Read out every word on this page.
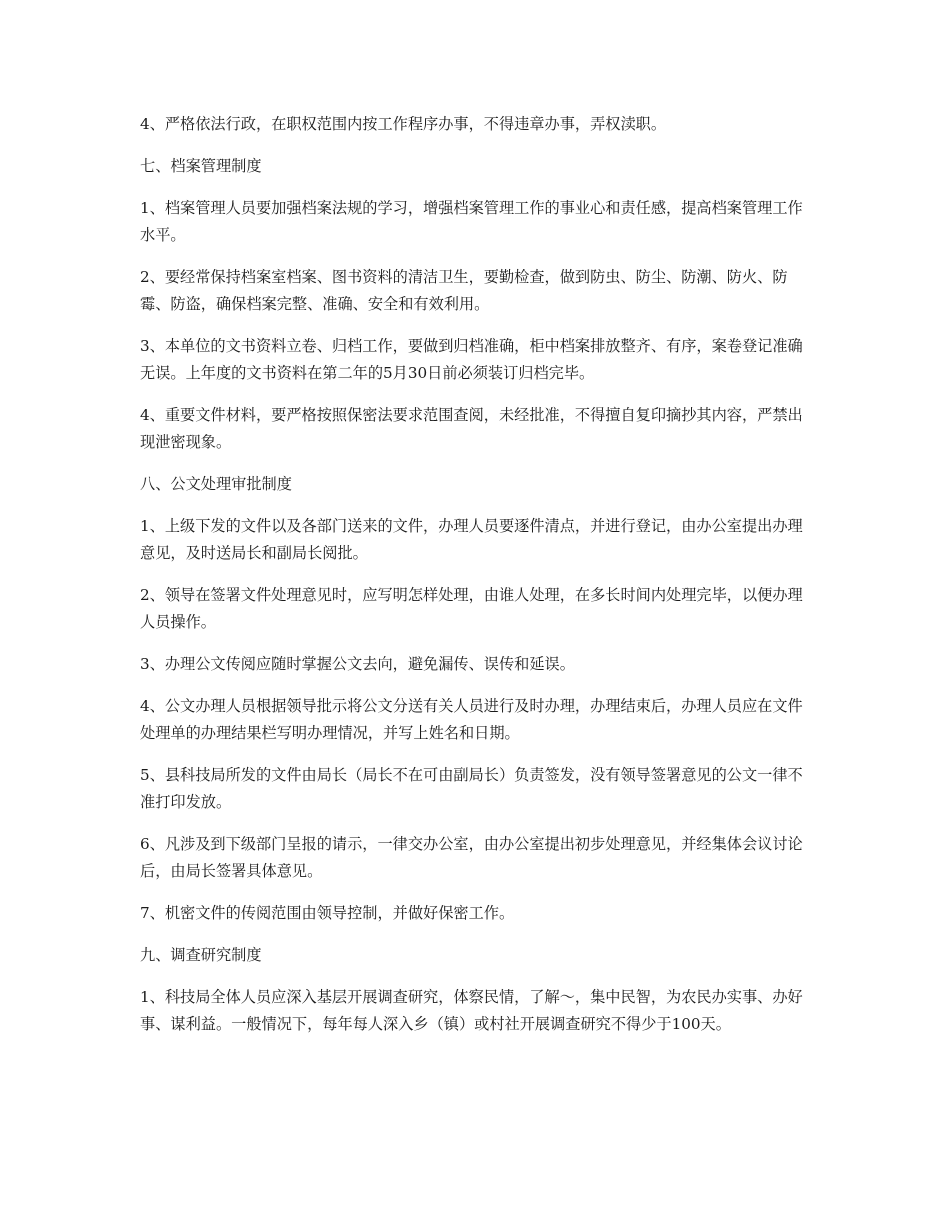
4、严格依法行政，在职权范围内按工作程序办事，不得违章办事，弄权渎职。

七、档案管理制度

1、档案管理人员要加强档案法规的学习，增强档案管理工作的事业心和责任感，提高档案管理工作水平。

2、要经常保持档案室档案、图书资料的清洁卫生，要勤检查，做到防虫、防尘、防潮、防火、防霉、防盗，确保档案完整、准确、安全和有效利用。

3、本单位的文书资料立卷、归档工作，要做到归档准确，柜中档案排放整齐、有序，案卷登记准确无误。上年度的文书资料在第二年的5月30日前必须装订归档完毕。

4、重要文件材料，要严格按照保密法要求范围查阅，未经批准，不得擅自复印摘抄其内容，严禁出现泄密现象。

八、公文处理审批制度

1、上级下发的文件以及各部门送来的文件，办理人员要逐件清点，并进行登记，由办公室提出办理意见，及时送局长和副局长阅批。

2、领导在签署文件处理意见时，应写明怎样处理，由谁人处理，在多长时间内处理完毕，以便办理人员操作。

3、办理公文传阅应随时掌握公文去向，避免漏传、误传和延误。

4、公文办理人员根据领导批示将公文分送有关人员进行及时办理，办理结束后，办理人员应在文件处理单的办理结果栏写明办理情况，并写上姓名和日期。

5、县科技局所发的文件由局长（局长不在可由副局长）负责签发，没有领导签署意见的公文一律不准打印发放。

6、凡涉及到下级部门呈报的请示，一律交办公室，由办公室提出初步处理意见，并经集体会议讨论后，由局长签署具体意见。

7、机密文件的传阅范围由领导控制，并做好保密工作。

九、调查研究制度

1、科技局全体人员应深入基层开展调查研究，体察民情，了解～，集中民智，为农民办实事、办好事、谋利益。一般情况下，每年每人深入乡（镇）或村社开展调查研究不得少于100天。
